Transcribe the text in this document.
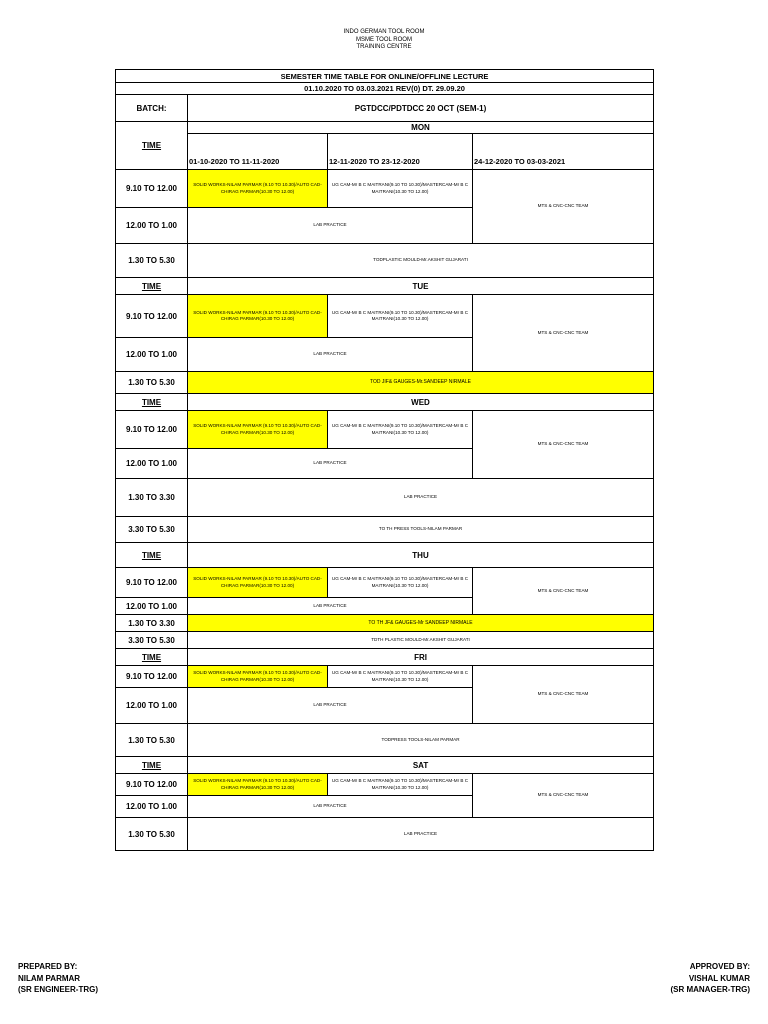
INDO GERMAN TOOL ROOM
MSME TOOL ROOM
TRAINING CENTRE
SEMESTER TIME TABLE FOR ONLINE/OFFLINE LECTURE			
01.10.2020 TO 03.03.2021 REV(0) DT. 29.09.20			
BATCH:	PGTDCC/PDTDCC 20 OCT (SEM-1)		
TIME	MON		
	01-10-2020 TO 11-11-2020	12-11-2020 TO 23-12-2020	24-12-2020 TO 03-03-2021
9.10 TO 12.00	SOLID WORKS-NILAM PARMAR (9.10 TO 10.30)/AUTO CAD-CHIRAG PARMAR(10.30 TO 12.00)	UG CAM-Mr B C MAITRANI(9.10 TO 10.30)/MASTERCAM-Mr B C MAITRANI(10.30 TO 12.00)	MTS & CNC-CNC TEAM
12.00 TO 1.00	LAB PRACTICE		
1.30 TO 5.30	TODPLASTIC MOULD-Mr.AKSHIT GUJARATI		
TIME	TUE		
9.10 TO 12.00	SOLID WORKS-NILAM PARMAR (9.10 TO 10.30)/AUTO CAD-CHIRAG PARMAR(10.30 TO 12.00)	UG CAM-Mr B C MAITRANI(9.10 TO 10.30)/MASTERCAM-Mr B C MAITRANI(10.30 TO 12.00)	MTS & CNC-CNC TEAM
12.00 TO 1.00	LAB PRACTICE		
1.30 TO 5.30	TOD JIF& GAUGES-Mr.SANDEEP NIRMALE		
TIME	WED		
9.10 TO 12.00	SOLID WORKS-NILAM PARMAR (9.10 TO 10.30)/AUTO CAD-CHIRAG PARMAR(10.30 TO 12.00)	UG CAM-Mr B C MAITRANI(9.10 TO 10.30)/MASTERCAM-Mr B C MAITRANI(10.30 TO 12.00)	MTS & CNC-CNC TEAM
12.00 TO 1.00	LAB PRACTICE		
1.30 TO 3.30	LAB PRACTICE		
3.30 TO 5.30	TO TH PRESS TOOLS-NILAM PARMAR		
TIME	THU		
9.10 TO 12.00	SOLID WORKS-NILAM PARMAR (9.10 TO 10.30)/AUTO CAD-CHIRAG PARMAR(10.30 TO 12.00)	UG CAM-Mr B C MAITRANI(9.10 TO 10.30)/MASTERCAM-Mr B C MAITRANI(10.30 TO 12.00)	MTS & CNC-CNC TEAM
12.00 TO 1.00	LAB PRACTICE		
1.30 TO 3.30	TO TH JF& GAUGES-Mr SANDEEP NIRMALE		
3.30 TO 5.30	TDTH PLASTIC MOULD-Mr.AKSHIT GUJARATI		
TIME	FRI		
9.10 TO 12.00	SOLID WORKS-NILAM PARMAR (9.10 TO 10.30)/AUTO CAD-CHIRAG PARMAR(10.30 TO 12.00)	UG CAM-Mr B C MAITRANI(9.10 TO 10.30)/MASTERCAM-Mr B C MAITRANI(10.30 TO 12.00)	MTS & CNC-CNC TEAM
12.00 TO 1.00	LAB PRACTICE		
1.30 TO 5.30	TODPRESS TOOLS-NILAM PARMAR		
TIME	SAT		
9.10 TO 12.00	SOLID WORKS-NILAM PARMAR (9.10 TO 10.30)/AUTO CAD-CHIRAG PARMAR(10.30 TO 12.00)	UG CAM-Mr B C MAITRANI(9.10 TO 10.30)/MASTERCAM-Mr B C MAITRANI(10.30 TO 12.00)	MTS & CNC-CNC TEAM
12.00 TO 1.00	LAB PRACTICE		
1.30 TO 5.30	LAB PRACTICE		
PREPARED BY:
NILAM PARMAR
(SR ENGINEER-TRG)
APPROVED BY:
VISHAL KUMAR
(SR MANAGER-TRG)
